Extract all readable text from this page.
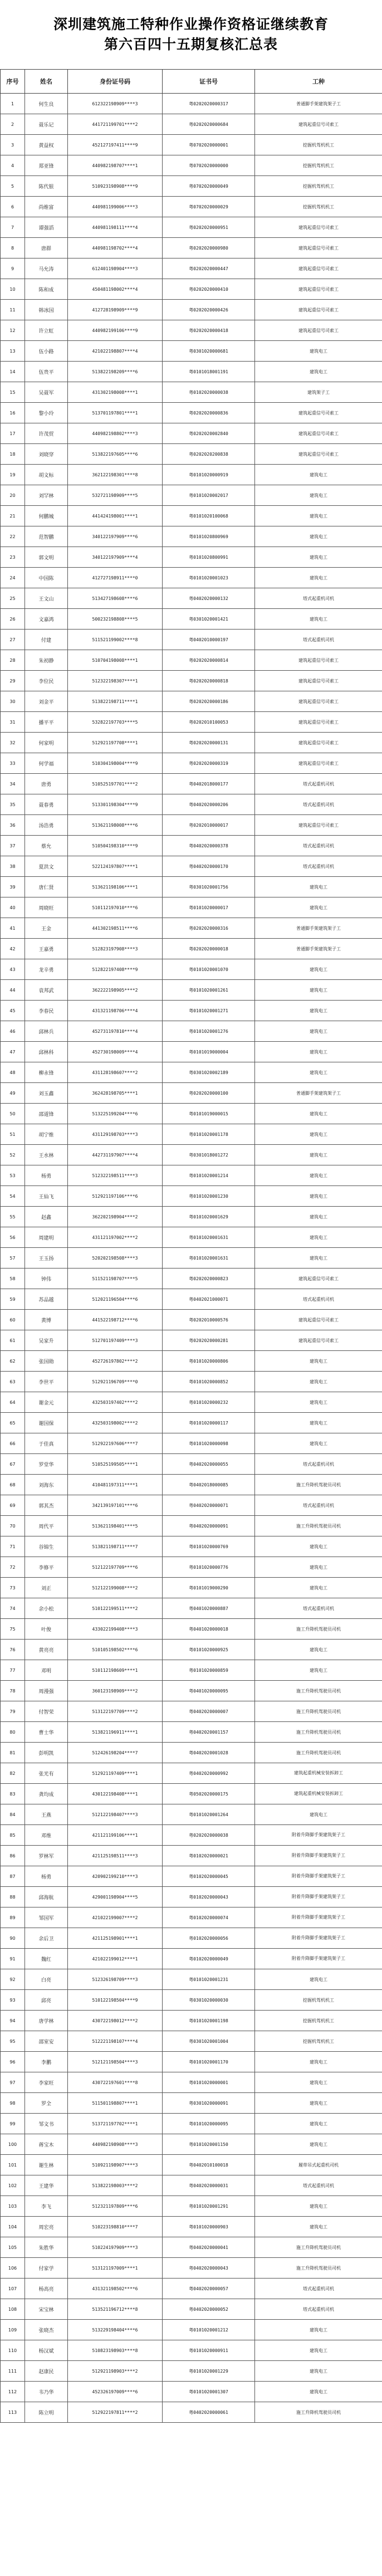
深圳建筑施工特种作业操作资格证继续教育
第六百四十五期复核汇总表
序号	姓名	身份证号码	证书号	工种
1	何生良	612322198909****3	粤0202020000317	普通脚手架建筑架子工
2	聂乐记	441721199701****2	粤0202020000684	建筑起重信号司索工
3	黄益权	452127197411****9	粤0702020000001	挖掘机驾机机工
4	郑亚锋	440982198707****1	粤0702020000000	挖掘机驾机机工
5	陈代银	510923198908****9	粤0702020000049	挖掘机驾机机工
6	尚维富	440981199006****3	粤0702020000029	挖掘机驾机机工
7	谭强滔	440981198111****4	粤0202020000951	建筑起重信号司索工
8	唐群	440981198702****4	粤0202020000980	建筑起重信号司索工
9	马允涛	612401198904****3	粤0202020000447	建筑起重信号司索工
10	陈和成	450481198002****4	粤0202020000410	建筑起重信号司索工
11	韩冰国	412728198909****9	粤0202020000426	建筑起重信号司索工
12	许立虹	440982199106****9	粤0202020000418	建筑起重信号司索工
13	伍小路	421022198807****4	粤0301020000681	建筑电工
14	伍贵平	513822198209****6	粤0101018001191	建筑电工
15	吴聂军	431302198008****1	粤0102020000038	建筑架子工
16	黎小玲	513701197801****1	粤0202020000836	建筑起重信号司索工
17	许茂贸	440982198802****3	粤0202020002840	建筑起重信号司索工
18	刘晓穿	513822197605****6	粤0202020200838	建筑起重信号司索工
19	胡文标	362122198301****8	粤0101020000919	建筑电工
20	刘罕林	532721198909****5	粤0101020002017	建筑电工
21	何鹏城	441424198001****1	粤0101020100068	建筑电工
22	范智鹏	340122197909****6	粤0101020800969	建筑电工
23	郭文明	340122197909****4	粤0101020800991	建筑电工
24	中国陈	412727198911****0	粤0101020001023	建筑电工
25	王文山	513427198608****6	粤0402020000132	塔式起重机司机
26	文嘉鸿	500232198808****5	粤0301020001421	建筑电工
27	付建	511521199002****8	粤0402010000197	塔式起重机司机
28	朱初静	510704198008****1	粤0202020000814	建筑起重信号司索工
29	李位民	512322198307****1	粤0202020000818	建筑起重信号司索工
30	刘金平	513822198711****1	粤0202020000186	建筑起重信号司索工
31	播平平	532822197703****5	粤0202010100053	建筑起重信号司索工
32	何家明	512921197708****1	粤0202020000131	建筑起重信号司索工
33	何学福	510304198004****9	粤0202020000319	建筑起重信号司索工
34	唐勇	510525197701****2	粤0402018000177	塔式起重机司机
35	聂春勇	513301198304****9	粤0402020000206	塔式起重机司机
36	汤浩勇	513621198008****6	粤0202010000017	建筑起重信号司索工
37	蔡允	510504198310****9	粤0402020000378	塔式起重机司机
38	夏洪文	522124197807****1	粤0402020000170	塔式起重机司机
39	唐仁贤	513621198106****1	粤0301020001756	建筑电工
40	周晓旺	510112197010****6	粤0101020000017	建筑电工
41	王金	441302198511****6	粤0202020000316	普通脚手架建筑架子工
42	王嘉勇	512823197908****3	粤0202020000018	普通脚手架建筑架子工
43	龙辛勇	512822197408****9	粤0101020001070	建筑电工
44	袁邦武	362222198905****2	粤0101020001261	建筑电工
45	李春民	431321198706****4	粤0101020001271	建筑电工
46	邱林兵	452731197810****4	粤0101020001276	建筑电工
47	邱林科	452730198009****4	粤0101019000004	建筑电工
48	柳永锋	431128198607****2	粤0301020002189	建筑电工
49	刘玉鑫	362428198705****1	粤0202020000100	普通脚手架建筑架子工
50	邵道锋	513225199204****6	粤0101019000015	建筑电工
51	胡宁维	431129198703****3	粤0101020001178	建筑电工
52	王水林	442731197907****4	粤0301018001272	建筑电工
53	杨勇	512322198511****3	粤0101020001214	建筑电工
54	王仙飞	512921197106****6	粤0101020001230	建筑电工
55	赵鑫	362202198904****2	粤0101020001629	建筑电工
56	周建明	431121197002****2	粤0101020001631	建筑电工
57	王玉扬	520202198508****3	粤0101020001631	建筑电工
58	钟伟	511521198707****5	粤0202020000823	建筑起重信号司索工
59	苏品越	512021196504****6	粤0402021000071	塔式起重机司机
60	黄博	441522198712****6	粤0202010000576	建筑起重信号司索工
61	吴家升	512701197409****3	粤0202020000281	建筑起重信号司索工
62	张国勋	452726197802****2	粤0101020000806	建筑电工
63	李世平	512921196709****0	粤0101020000852	建筑电工
64	谢金元	432503197402****2	粤0101020000232	建筑电工
65	谢国保	432503198002****2	粤0101020000117	建筑电工
66	于佳真	512922197606****7	粤0101020000098	建筑电工
67	罗堂华	510525199505****1	粤0402020000055	塔式起重机司机
68	刘海东	410481197311****1	粤0402018000085	施工升降机驾驶员司机
69	郭其杰	342139197101****6	粤0402020000071	塔式起重机司机
70	周代平	513621198401****5	粤0402020000091	施工升降机驾驶员司机
71	谷锦生	513821198711****7	粤0101020000769	建筑电工
72	李修平	512122197709****6	粤0101020000776	建筑电工
73	刘正	512122199008****2	粤0101019000290	建筑电工
74	余小松	510122199511****2	粤0401020000887	塔式起重机司机
75	叶俊	433022199408****3	粤0401020000018	施工升降机驾驶员司机
76	黄亮亮	510105198502****6	粤0101020000925	建筑电工
77	邓明	510112198609****1	粤0101020000859	建筑电工
78	周漫强	360123198909****2	粤0401020000095	施工升降机驾驶员司机
79	付智荣	513122197709****2	粤0402020000007	施工升降机驾驶员司机
80	曹士华	513821196911****1	粤0402020001157	施工升降机驾驶员司机
81	彭明凯	512426198204****7	粤0402020001028	施工升降机驾驶员司机
82	张光有	512921197409****1	粤0402020000992	建筑起重机械安装拆卸工
83	龚均成	430122198408****1	粤0502020000175	建筑起重机械安装拆卸工
84	王燕	512122198407****3	粤0101020001264	建筑电工
85	邓维	421121199106****1	粤0202020000038	附着升降脚手架建筑架子工
86	罗林军	421125198511****3	粤0102020000021	附着升降脚手架建筑架子工
87	杨勇	420902199210****3	粤0102020000045	附着升降脚手架建筑架子工
88	邱海航	429001198904****5	粤0102020000043	附着升降脚手架建筑架子工
89	邹国军	421022199007****2	粤0102020000074	附着升降脚手架建筑架子工
90	余后卫	421125198901****1	粤0102020000056	附着升降脚手架建筑架子工
91	魏红	421022199012****1	粤0102020000049	附着升降脚手架建筑架子工
92	白亮	512326198709****3	粤0101020001231	建筑电工
93	邱亮	510122198504****9	粤0301020000030	挖掘机驾机机工
94	唐学林	430722198012****2	粤0101020001198	挖掘机驾机机工
95	邵室安	512221198107****4	粤0301020001004	挖掘机驾机机工
96	李鹏	512121198504****3	粤0101020001170	建筑电工
97	李家旺	430722197601****8	粤0101020000001	建筑电工
98	罗全	511501198807****1	粤0301020000091	建筑电工
99	邹文书	513721197702****1	粤0101020000095	建筑电工
100	蒋宝木	440982198908****3	粤0101020001150	建筑电工
101	谢生林	510921198907****3	粤0402010100018	履带吊式起重机司机
102	王建华	513822198003****2	粤0402020000031	塔式起重机司机
103	李飞	512321197809****6	粤0101020001291	建筑电工
104	周宏亮	510223198810****7	粤0101020000903	建筑电工
105	朱胜华	510224197909****3	粤0402020000041	施工升降机驾驶员司机
106	付家学	513121197009****1	粤0402020000043	施工升降机驾驶员司机
107	杨高亮	431321198502****6	粤0402020000057	塔式起重机司机
108	宋宝林	513521196712****8	粤0402020000052	塔式起重机司机
109	张晓杰	513229198404****6	粤0101020001212	建筑电工
110	杨汉斌	510823198903****8	粤0101020000911	建筑电工
111	赵康民	512921198903****2	粤0101020001229	建筑电工
112	韦乃华	452326197009****6	粤0101020001307	建筑电工
113	陈立明	512922197811****2	粤0402020000061	施工升降机驾驶员司机
